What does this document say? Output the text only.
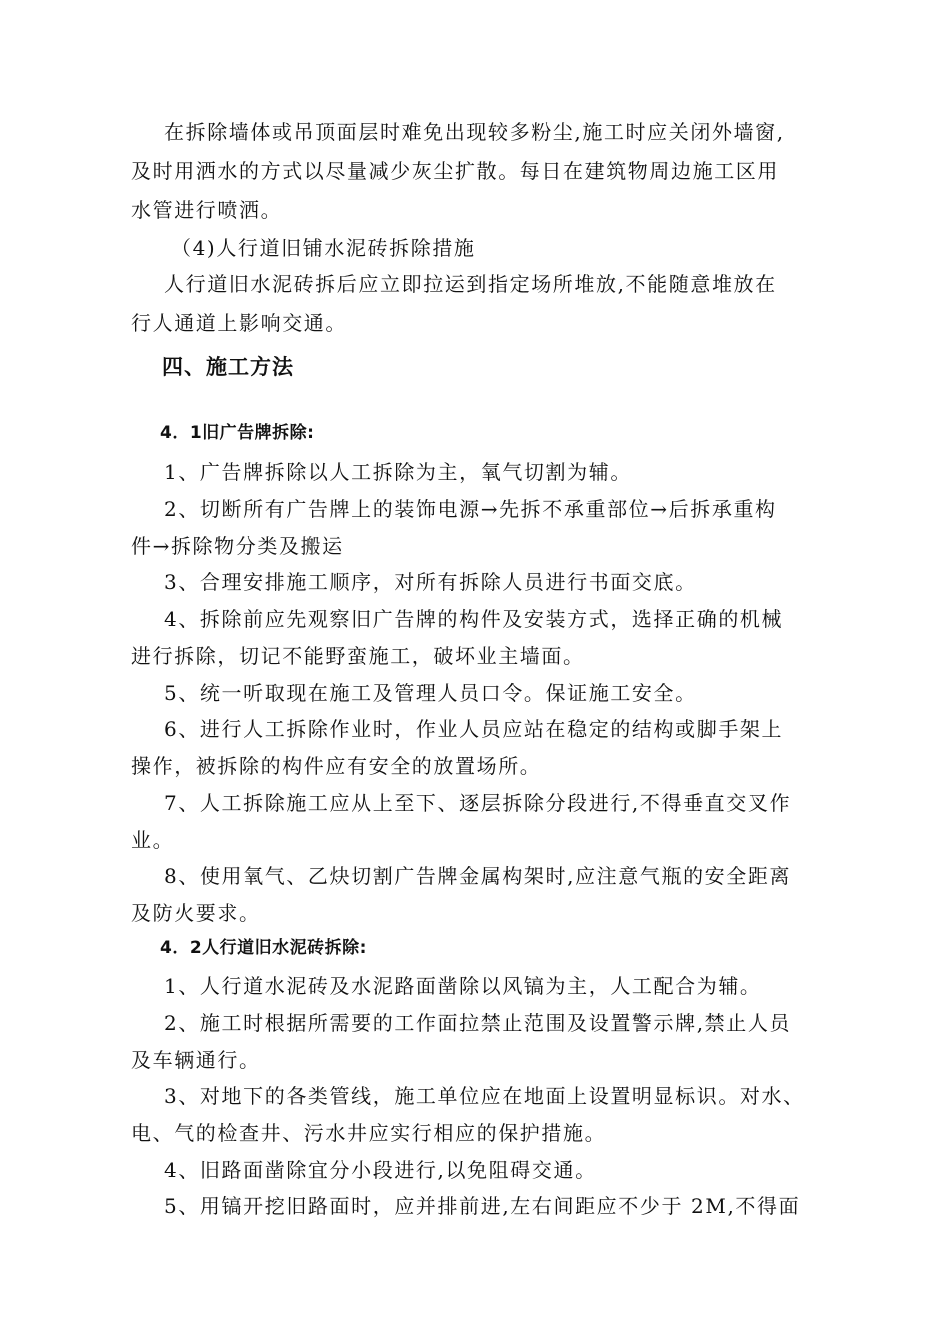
在拆除墙体或吊顶面层时难免出现较多粉尘,施工时应关闭外墙窗,
及时用洒水的方式以尽量减少灰尘扩散。每日在建筑物周边施工区用
水管进行喷洒。
（4)人行道旧铺水泥砖拆除措施
人行道旧水泥砖拆后应立即拉运到指定场所堆放,不能随意堆放在
行人通道上影响交通。
四、施工方法
4．1旧广告牌拆除:
1、广告牌拆除以人工拆除为主，氧气切割为辅。
2、切断所有广告牌上的装饰电源→先拆不承重部位→后拆承重构
件→拆除物分类及搬运
3、合理安排施工顺序，对所有拆除人员进行书面交底。
4、拆除前应先观察旧广告牌的构件及安装方式，选择正确的机械
进行拆除，切记不能野蛮施工，破坏业主墙面。
5、统一听取现在施工及管理人员口令。保证施工安全。
6、进行人工拆除作业时，作业人员应站在稳定的结构或脚手架上
操作，被拆除的构件应有安全的放置场所。
7、人工拆除施工应从上至下、逐层拆除分段进行,不得垂直交叉作
业。
8、使用氧气、乙炔切割广告牌金属构架时,应注意气瓶的安全距离
及防火要求。
4．2人行道旧水泥砖拆除:
1、人行道水泥砖及水泥路面凿除以风镐为主，人工配合为辅。
2、施工时根据所需要的工作面拉禁止范围及设置警示牌,禁止人员
及车辆通行。
3、对地下的各类管线，施工单位应在地面上设置明显标识。对水、
电、气的检查井、污水井应实行相应的保护措施。
4、旧路面凿除宜分小段进行,以免阻碍交通。
5、用镐开挖旧路面时，应并排前进,左右间距应不少于 2M,不得面
